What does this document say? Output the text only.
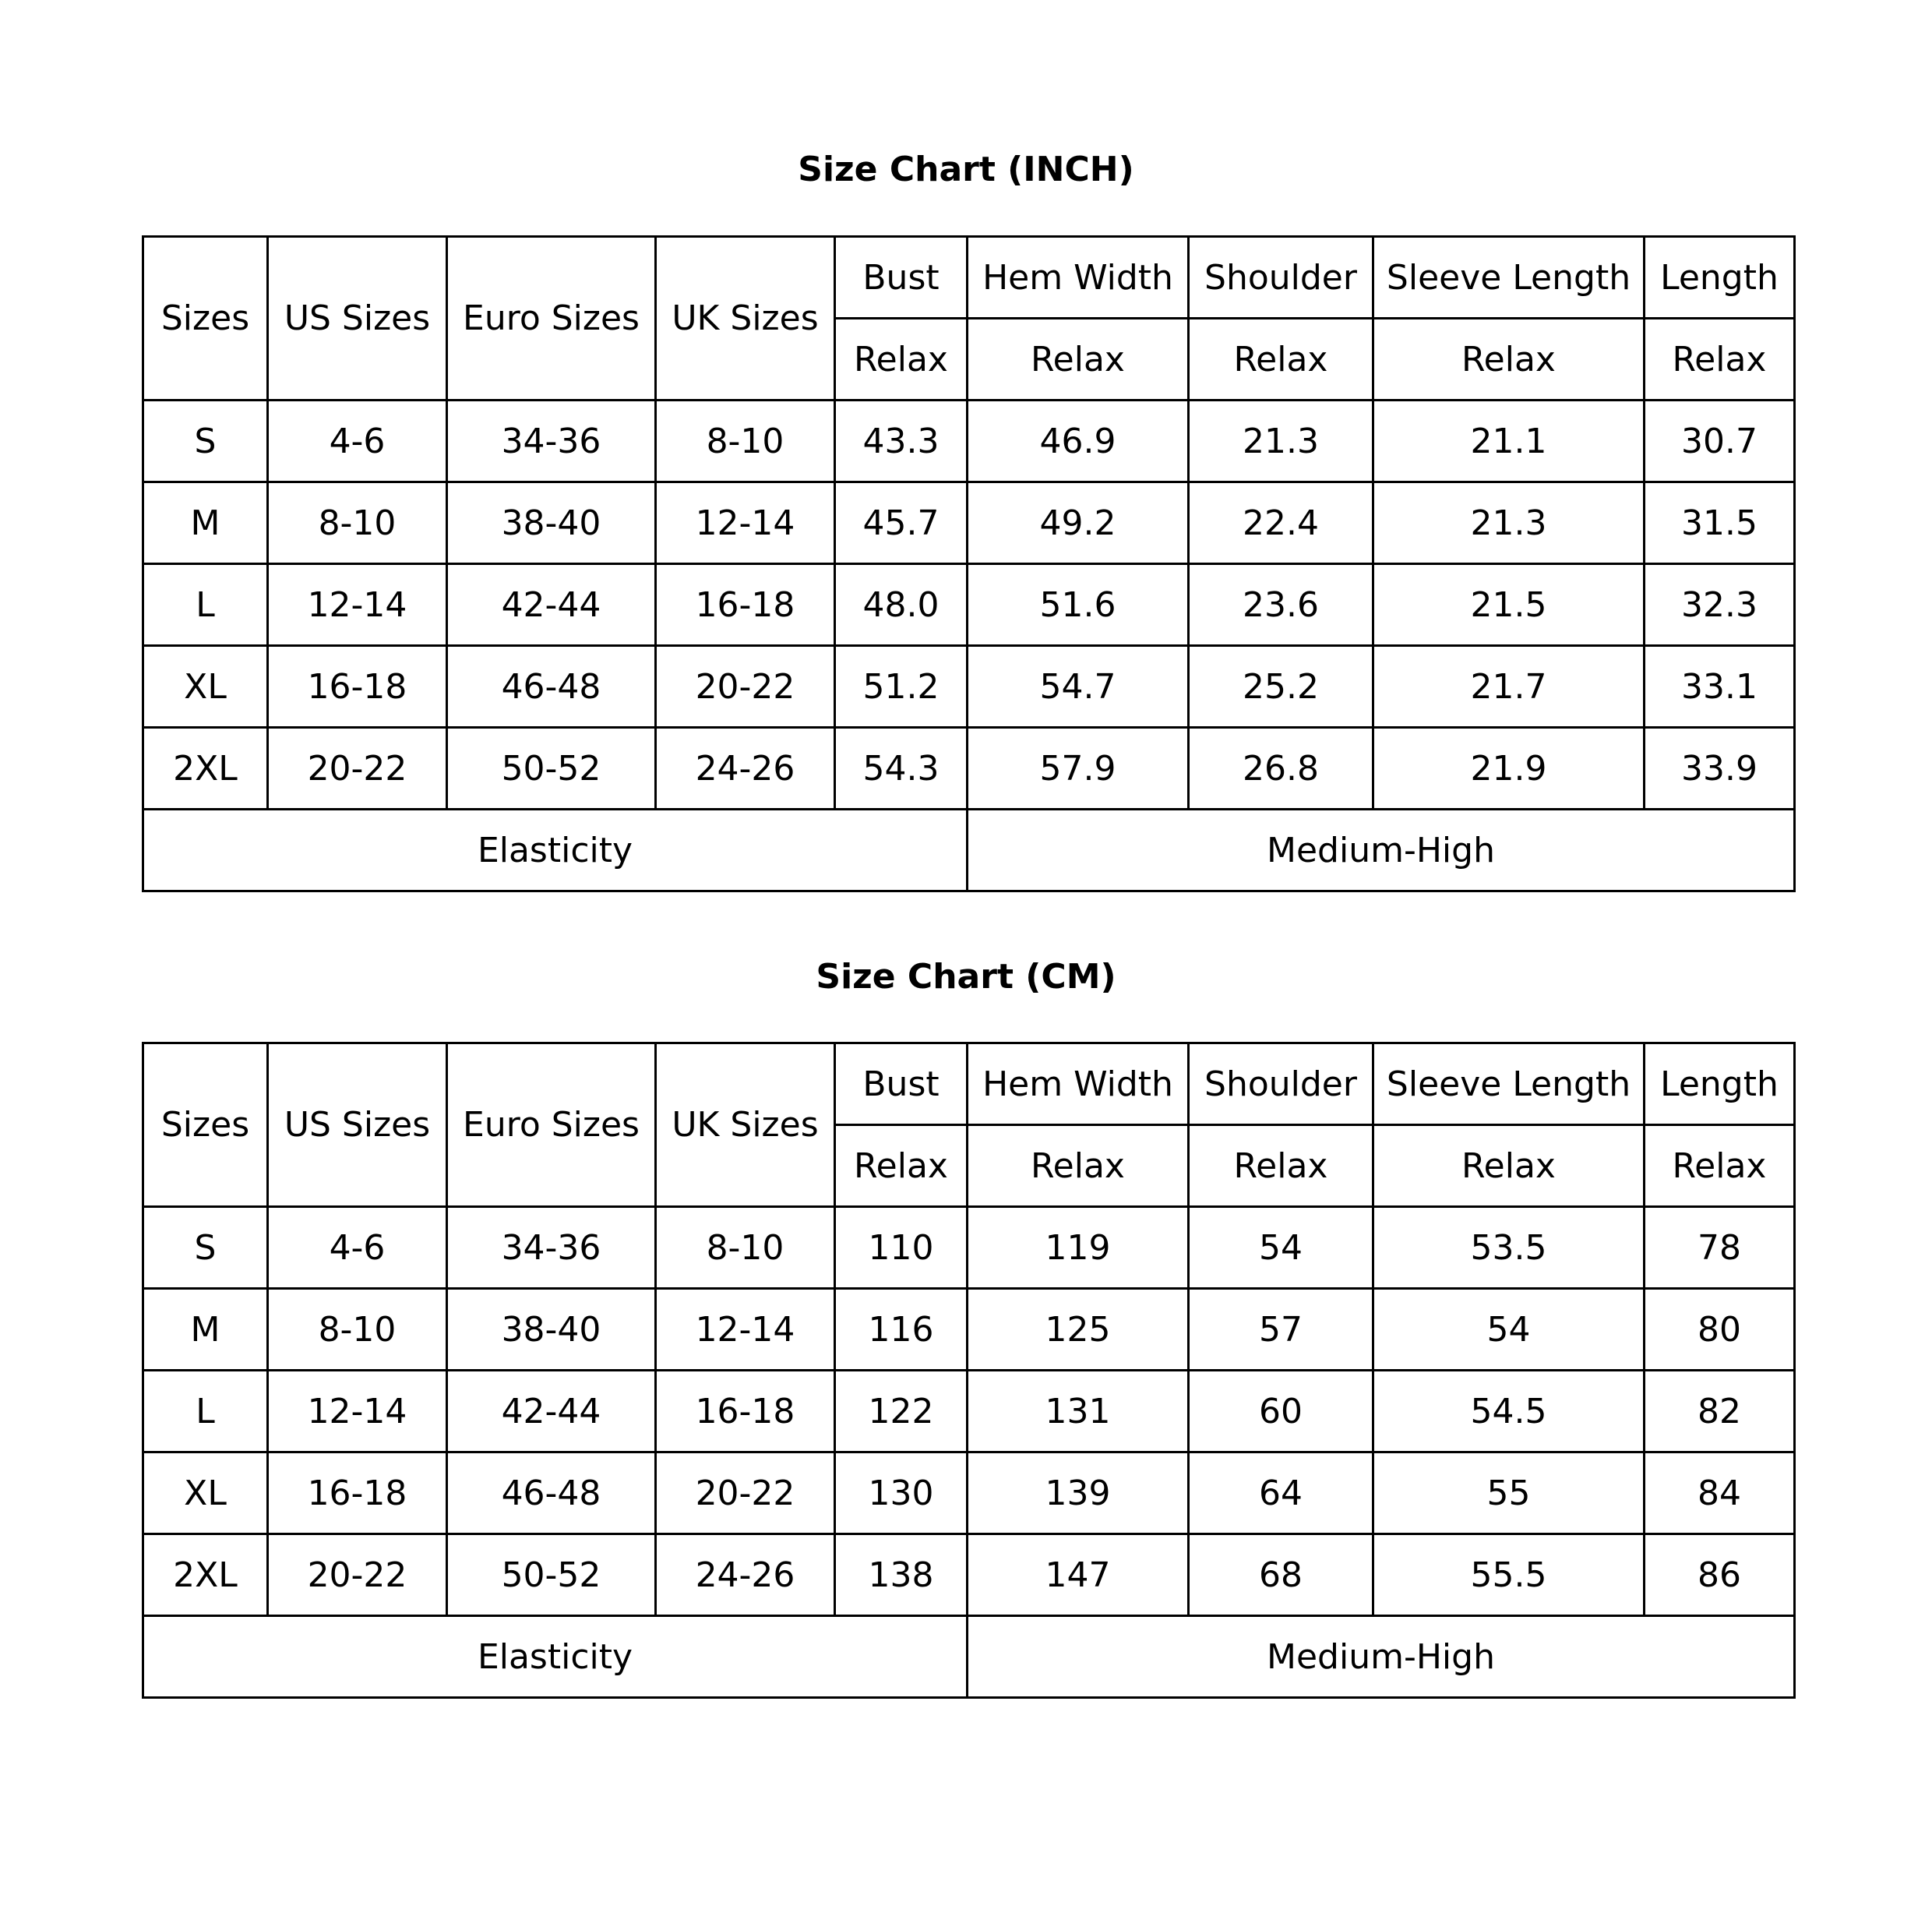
Size Chart (INCH)
Sizes	US Sizes	Euro Sizes	UK Sizes	Bust	Hem Width	Shoulder	Sleeve Length	Length
				Relax	Relax	Relax	Relax	Relax
S	4-6	34-36	8-10	43.3	46.9	21.3	21.1	30.7
M	8-10	38-40	12-14	45.7	49.2	22.4	21.3	31.5
L	12-14	42-44	16-18	48.0	51.6	23.6	21.5	32.3
XL	16-18	46-48	20-22	51.2	54.7	25.2	21.7	33.1
2XL	20-22	50-52	24-26	54.3	57.9	26.8	21.9	33.9
Elasticity					Medium-High			
Size Chart (CM)
Sizes	US Sizes	Euro Sizes	UK Sizes	Bust	Hem Width	Shoulder	Sleeve Length	Length
				Relax	Relax	Relax	Relax	Relax
S	4-6	34-36	8-10	110	119	54	53.5	78
M	8-10	38-40	12-14	116	125	57	54	80
L	12-14	42-44	16-18	122	131	60	54.5	82
XL	16-18	46-48	20-22	130	139	64	55	84
2XL	20-22	50-52	24-26	138	147	68	55.5	86
Elasticity					Medium-High			
